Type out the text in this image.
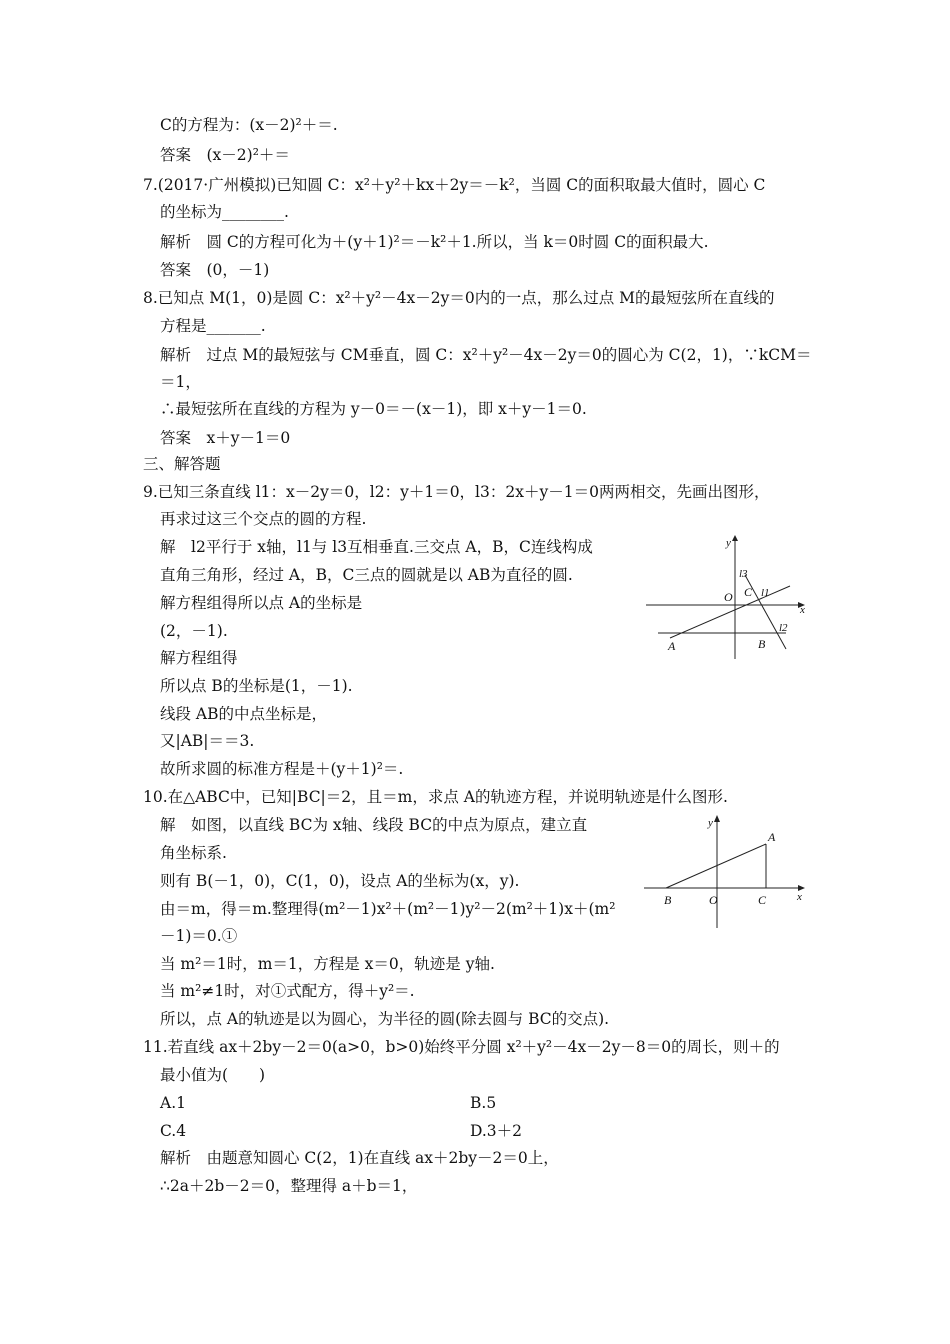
C的方程为：(x－2)²＋＝.
答案　(x－2)²＋＝
7.(2017·广州模拟)已知圆 C：x²＋y²＋kx＋2y＝－k²，当圆 C的面积取最大值时，圆心 C
的坐标为________.
解析　圆 C的方程可化为＋(y＋1)²＝－k²＋1.所以，当 k＝0时圆 C的面积最大.
答案　(0，－1)
8.已知点 M(1，0)是圆 C：x²＋y²－4x－2y＝0内的一点，那么过点 M的最短弦所在直线的
方程是_______.
解析　过点 M的最短弦与 CM垂直，圆 C：x²＋y²－4x－2y＝0的圆心为 C(2，1)，∵kCM＝
＝1，
∴最短弦所在直线的方程为 y－0＝－(x－1)，即 x＋y－1＝0.
答案　x＋y－1＝0
三、解答题
9.已知三条直线 l1：x－2y＝0，l2：y＋1＝0，l3：2x＋y－1＝0两两相交，先画出图形，
再求过这三个交点的圆的方程.
解　l2平行于 x轴，l1与 l3互相垂直.三交点 A，B，C连线构成
直角三角形，经过 A，B，C三点的圆就是以 AB为直径的圆.
解方程组得所以点 A的坐标是
(2，－1).
解方程组得
所以点 B的坐标是(1，－1).
线段 AB的中点坐标是，
又|AB|＝＝3.
故所求圆的标准方程是＋(y＋1)²＝.
10.在△ABC中，已知|BC|＝2，且＝m，求点 A的轨迹方程，并说明轨迹是什么图形.
解　如图，以直线 BC为 x轴、线段 BC的中点为原点，建立直
角坐标系.
则有 B(－1，0)，C(1，0)，设点 A的坐标为(x，y).
由＝m，得＝m.整理得(m²－1)x²＋(m²－1)y²－2(m²＋1)x＋(m²
－1)＝0.①
当 m²＝1时，m＝1，方程是 x＝0，轨迹是 y轴.
当 m²≠1时，对①式配方，得＋y²＝.
所以，点 A的轨迹是以为圆心，为半径的圆(除去圆与 BC的交点).
11.若直线 ax＋2by－2＝0(a>0，b>0)始终平分圆 x²＋y²－4x－2y－8＝0的周长，则＋的
最小值为(　　)
A.1	B.5
C.4	D.3＋2
解析　由题意知圆心 C(2，1)在直线 ax＋2by－2＝0上，
∴2a＋2b－2＝0，整理得 a＋b＝1，
x
y
O
A	B
C l1
l2
l3
x
y
O
A
B	C
